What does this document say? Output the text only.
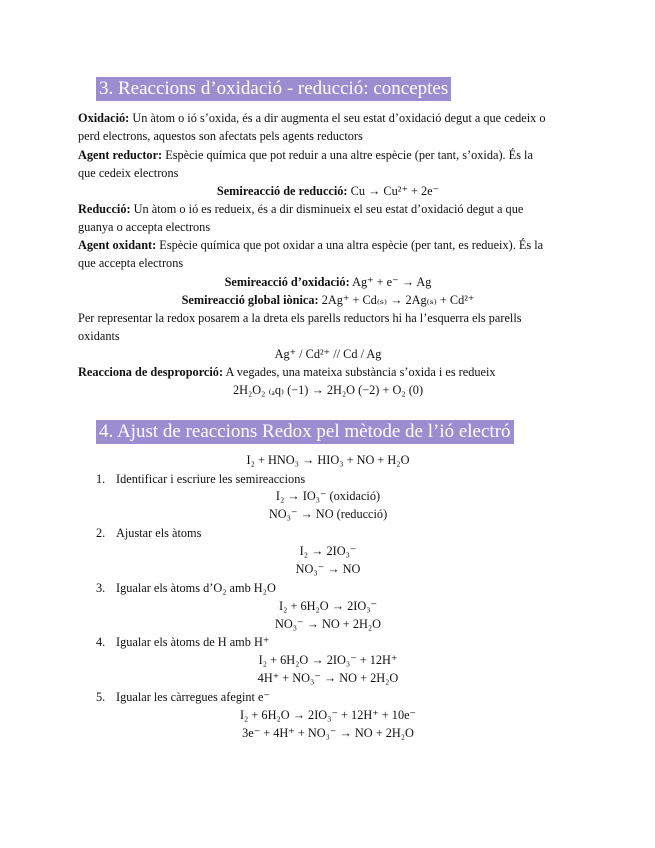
3. Reaccions d’oxidació - reducció: conceptes
Oxidació: Un àtom o ió s’oxida, és a dir augmenta el seu estat d’oxidació degut a que cedeix o
perd electrons, aquestos son afectats pels agents reductors
Agent reductor: Espècie química que pot reduir a una altre espècie (per tant, s’oxida). És la
que cedeix electrons
Semireacció de reducció: Cu → Cu²⁺ + 2e⁻
Reducció: Un àtom o ió es redueix, és a dir disminueix el seu estat d’oxidació degut a que
guanya o accepta electrons
Agent oxidant: Espècie química que pot oxidar a una altra espècie (per tant, es redueix). És la
que accepta electrons
Semireacció d’oxidació: Ag⁺ + e⁻ → Ag
Semireacció global iònica: 2Ag⁺ + Cd₍ₛ₎ → 2Ag₍ₛ₎ + Cd²⁺
Per representar la redox posarem a la dreta els parells reductors hi ha l’esquerra els parells
oxidants
Ag⁺ / Cd²⁺ // Cd / Ag
Reacciona de desproporció: A vegades, una mateixa substància s’oxida i es redueix
2H₂O₂ ₍ₐq₎ (−1) → 2H₂O (−2) + O₂ (0)
4. Ajust de reaccions Redox pel mètode de l’ió electró
I₂ + HNO₃ → HIO₃ + NO + H₂O
1. Identificar i escriure les semireaccions
I₂ → IO₃⁻ (oxidació)
NO₃⁻ → NO (reducció)
2. Ajustar els àtoms
I₂ → 2IO₃⁻
NO₃⁻ → NO
3. Igualar els àtoms d’O₂ amb H₂O
I₂ + 6H₂O → 2IO₃⁻
NO₃⁻ → NO + 2H₂O
4. Igualar els àtoms de H amb H⁺
I₂ + 6H₂O → 2IO₃⁻ + 12H⁺
4H⁺ + NO₃⁻ → NO + 2H₂O
5. Igualar les càrregues afegint e⁻
I₂ + 6H₂O → 2IO₃⁻ + 12H⁺ + 10e⁻
3e⁻ + 4H⁺ + NO₃⁻ → NO + 2H₂O
